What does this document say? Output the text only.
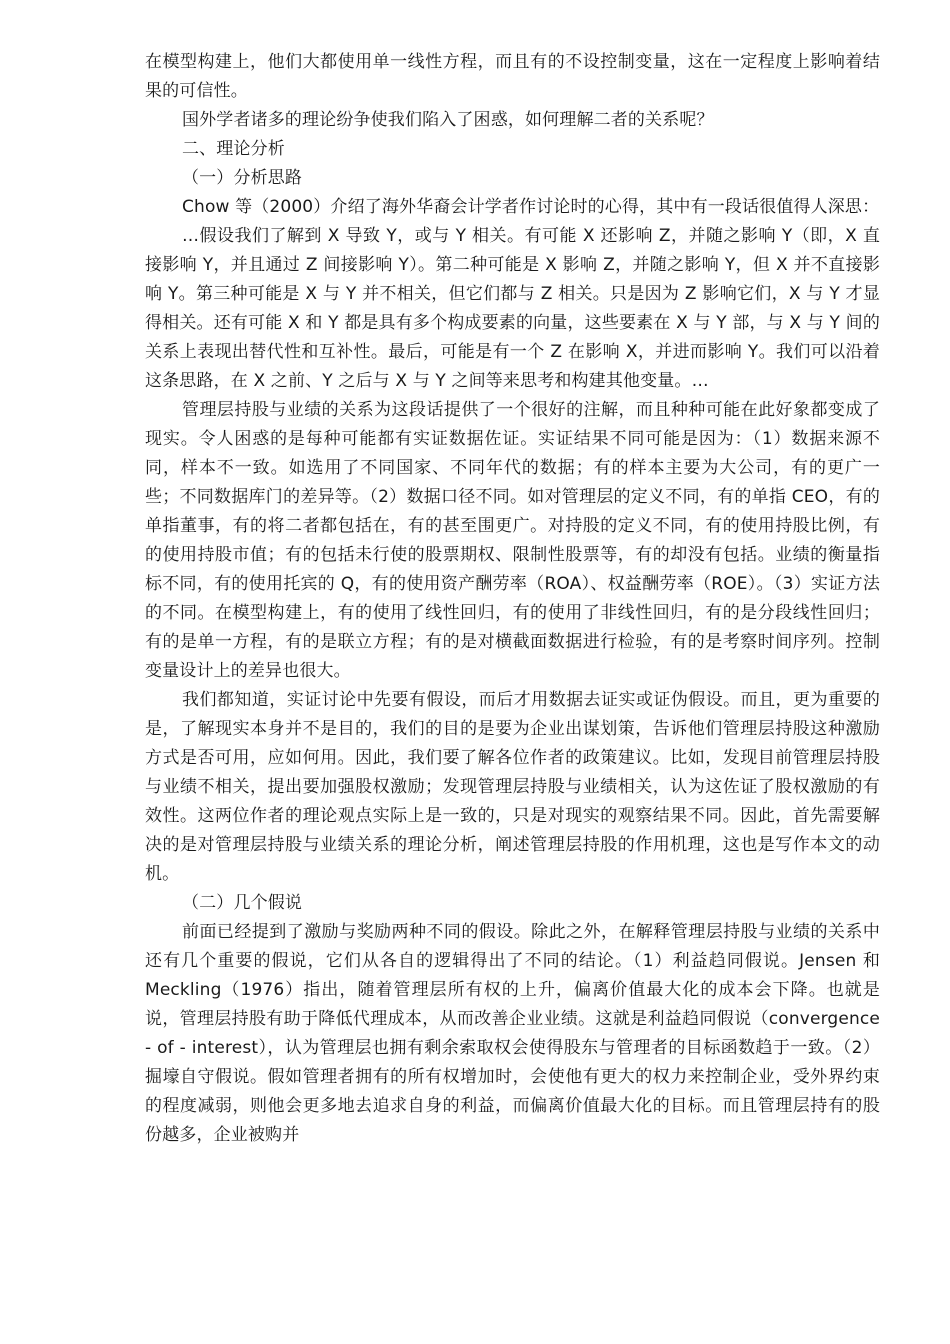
在模型构建上，他们大都使用单一线性方程，而且有的不设控制变量，这在一定程度上影响着结果的可信性。

国外学者诸多的理论纷争使我们陷入了困惑，如何理解二者的关系呢？

二、理论分析

（一）分析思路

Chow 等（2000）介绍了海外华裔会计学者作讨论时的心得，其中有一段话很值得人深思：

…假设我们了解到 X 导致 Y，或与 Y 相关。有可能 X 还影响 Z，并随之影响 Y（即，X 直接影响 Y，并且通过 Z 间接影响 Y）。第二种可能是 X 影响 Z，并随之影响 Y，但 X 并不直接影响 Y。第三种可能是 X 与 Y 并不相关，但它们都与 Z 相关。只是因为 Z 影响它们，X 与 Y 才显得相关。还有可能 X 和 Y 都是具有多个构成要素的向量，这些要素在 X 与 Y 部，与 X 与 Y 间的关系上表现出替代性和互补性。最后，可能是有一个 Z 在影响 X，并进而影响 Y。我们可以沿着这条思路，在 X 之前、Y 之后与 X 与 Y 之间等来思考和构建其他变量。…

管理层持股与业绩的关系为这段话提供了一个很好的注解，而且种种可能在此好象都变成了现实。令人困惑的是每种可能都有实证数据佐证。实证结果不同可能是因为：（1）数据来源不同，样本不一致。如选用了不同国家、不同年代的数据；有的样本主要为大公司，有的更广一些；不同数据库门的差异等。（2）数据口径不同。如对管理层的定义不同，有的单指 CEO，有的单指董事，有的将二者都包括在，有的甚至围更广。对持股的定义不同，有的使用持股比例，有的使用持股市值；有的包括未行使的股票期权、限制性股票等，有的却没有包括。业绩的衡量指标不同，有的使用托宾的 Q，有的使用资产酬劳率（ROA）、权益酬劳率（ROE）。（3）实证方法的不同。在模型构建上，有的使用了线性回归，有的使用了非线性回归，有的是分段线性回归；有的是单一方程，有的是联立方程；有的是对横截面数据进行检验，有的是考察时间序列。控制变量设计上的差异也很大。

我们都知道，实证讨论中先要有假设，而后才用数据去证实或证伪假设。而且，更为重要的是，了解现实本身并不是目的，我们的目的是要为企业出谋划策，告诉他们管理层持股这种激励方式是否可用，应如何用。因此，我们要了解各位作者的政策建议。比如，发现目前管理层持股与业绩不相关，提出要加强股权激励；发现管理层持股与业绩相关，认为这佐证了股权激励的有效性。这两位作者的理论观点实际上是一致的，只是对现实的观察结果不同。因此，首先需要解决的是对管理层持股与业绩关系的理论分析，阐述管理层持股的作用机理，这也是写作本文的动机。

（二）几个假说

前面已经提到了激励与奖励两种不同的假设。除此之外，在解释管理层持股与业绩的关系中还有几个重要的假说，它们从各自的逻辑得出了不同的结论。（1）利益趋同假说。Jensen 和 Meckling（1976）指出，随着管理层所有权的上升，偏离价值最大化的成本会下降。也就是说，管理层持股有助于降低代理成本，从而改善企业业绩。这就是利益趋同假说（convergence - of - interest），认为管理层也拥有剩余索取权会使得股东与管理者的目标函数趋于一致。（2）掘壕自守假说。假如管理者拥有的所有权增加时，会使他有更大的权力来控制企业，受外界约束的程度减弱，则他会更多地去追求自身的利益，而偏离价值最大化的目标。而且管理层持有的股份越多，企业被购并
